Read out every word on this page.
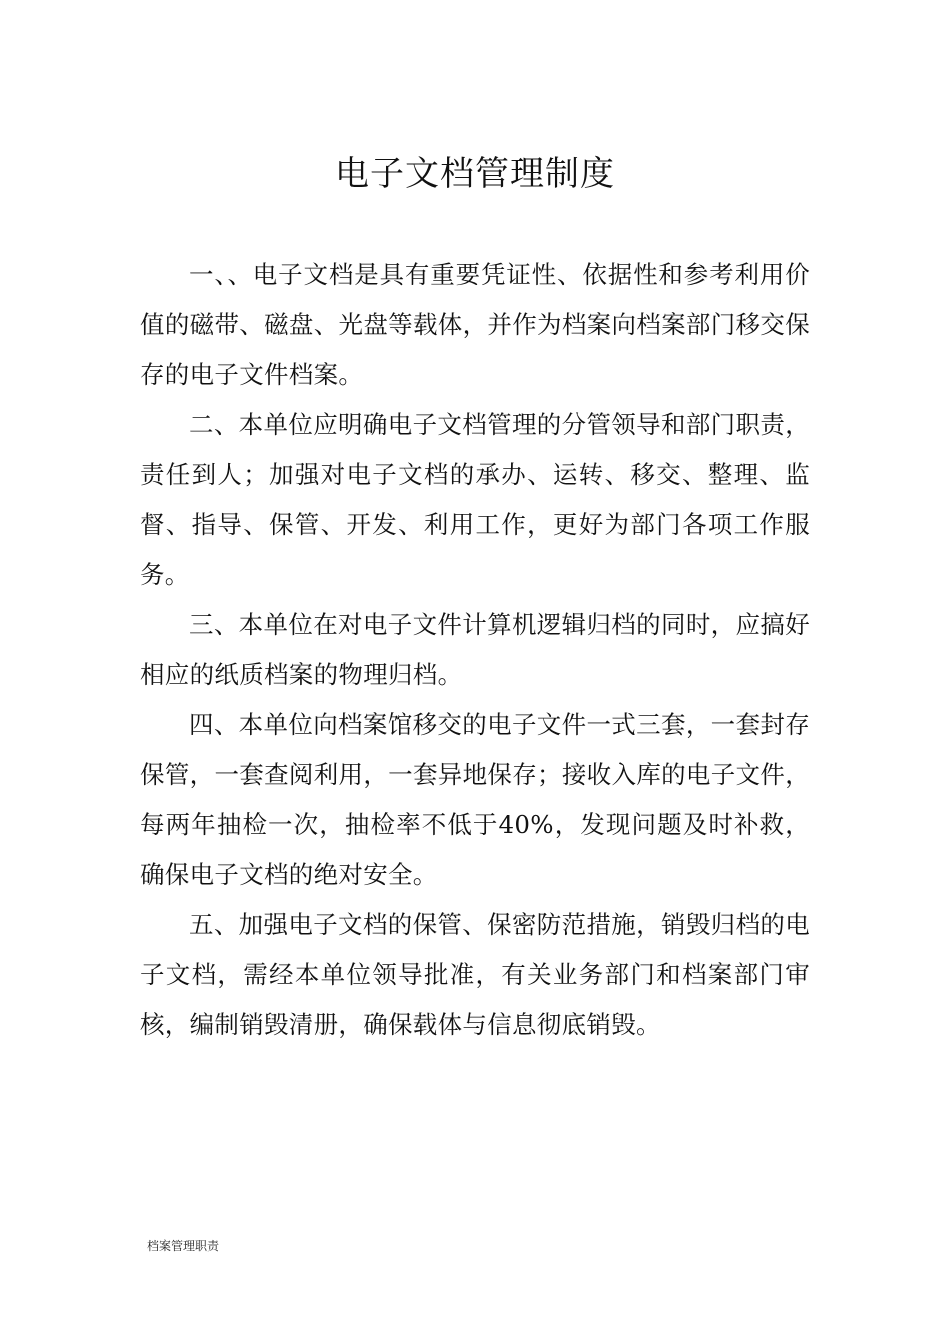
电子文档管理制度

一、、电子文档是具有重要凭证性、依据性和参考利用价值的磁带、磁盘、光盘等载体，并作为档案向档案部门移交保存的电子文件档案。

二、本单位应明确电子文档管理的分管领导和部门职责，责任到人；加强对电子文档的承办、运转、移交、整理、监督、指导、保管、开发、利用工作，更好为部门各项工作服务。

三、本单位在对电子文件计算机逻辑归档的同时，应搞好相应的纸质档案的物理归档。

四、本单位向档案馆移交的电子文件一式三套，一套封存保管，一套查阅利用，一套异地保存；接收入库的电子文件，每两年抽检一次，抽检率不低于40%，发现问题及时补救，确保电子文档的绝对安全。

五、加强电子文档的保管、保密防范措施，销毁归档的电子文档，需经本单位领导批准，有关业务部门和档案部门审核，编制销毁清册，确保载体与信息彻底销毁。

档案管理职责
